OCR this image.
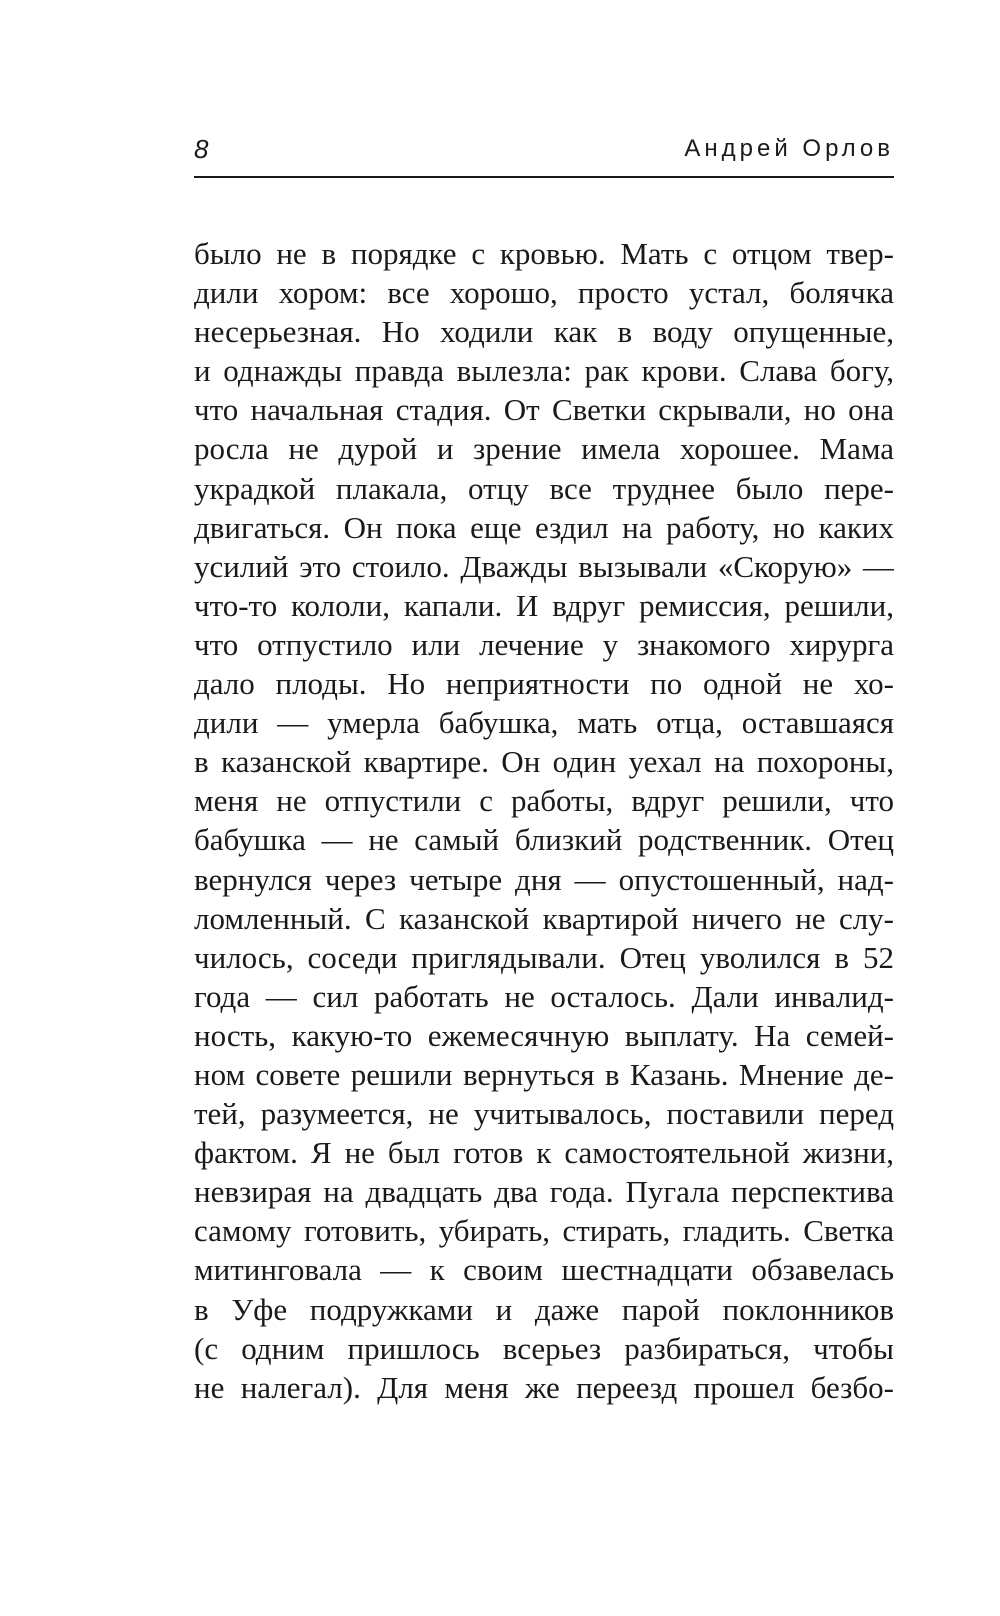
8	Андрей Орлов
было не в порядке с кровью. Мать с отцом твер-
дили хором: все хорошо, просто устал, болячка
несерьезная. Но ходили как в воду опущенные,
и однажды правда вылезла: рак крови. Слава богу,
что начальная стадия. От Светки скрывали, но она
росла не дурой и зрение имела хорошее. Мама
украдкой плакала, отцу все труднее было пере-
двигаться. Он пока еще ездил на работу, но каких
усилий это стоило. Дважды вызывали «Скорую» —
что-то кололи, капали. И вдруг ремиссия, решили,
что отпустило или лечение у знакомого хирурга
дало плоды. Но неприятности по одной не хо-
дили — умерла бабушка, мать отца, оставшаяся
в казанской квартире. Он один уехал на похороны,
меня не отпустили с работы, вдруг решили, что
бабушка — не самый близкий родственник. Отец
вернулся через четыре дня — опустошенный, над-
ломленный. С казанской квартирой ничего не слу-
чилось, соседи приглядывали. Отец уволился в 52
года — сил работать не осталось. Дали инвалид-
ность, какую-то ежемесячную выплату. На семей-
ном совете решили вернуться в Казань. Мнение де-
тей, разумеется, не учитывалось, поставили перед
фактом. Я не был готов к самостоятельной жизни,
невзирая на двадцать два года. Пугала перспектива
самому готовить, убирать, стирать, гладить. Светка
митинговала — к своим шестнадцати обзавелась
в Уфе подружками и даже парой поклонников
(с одним пришлось всерьез разбираться, чтобы
не налегал). Для меня же переезд прошел безбо-
